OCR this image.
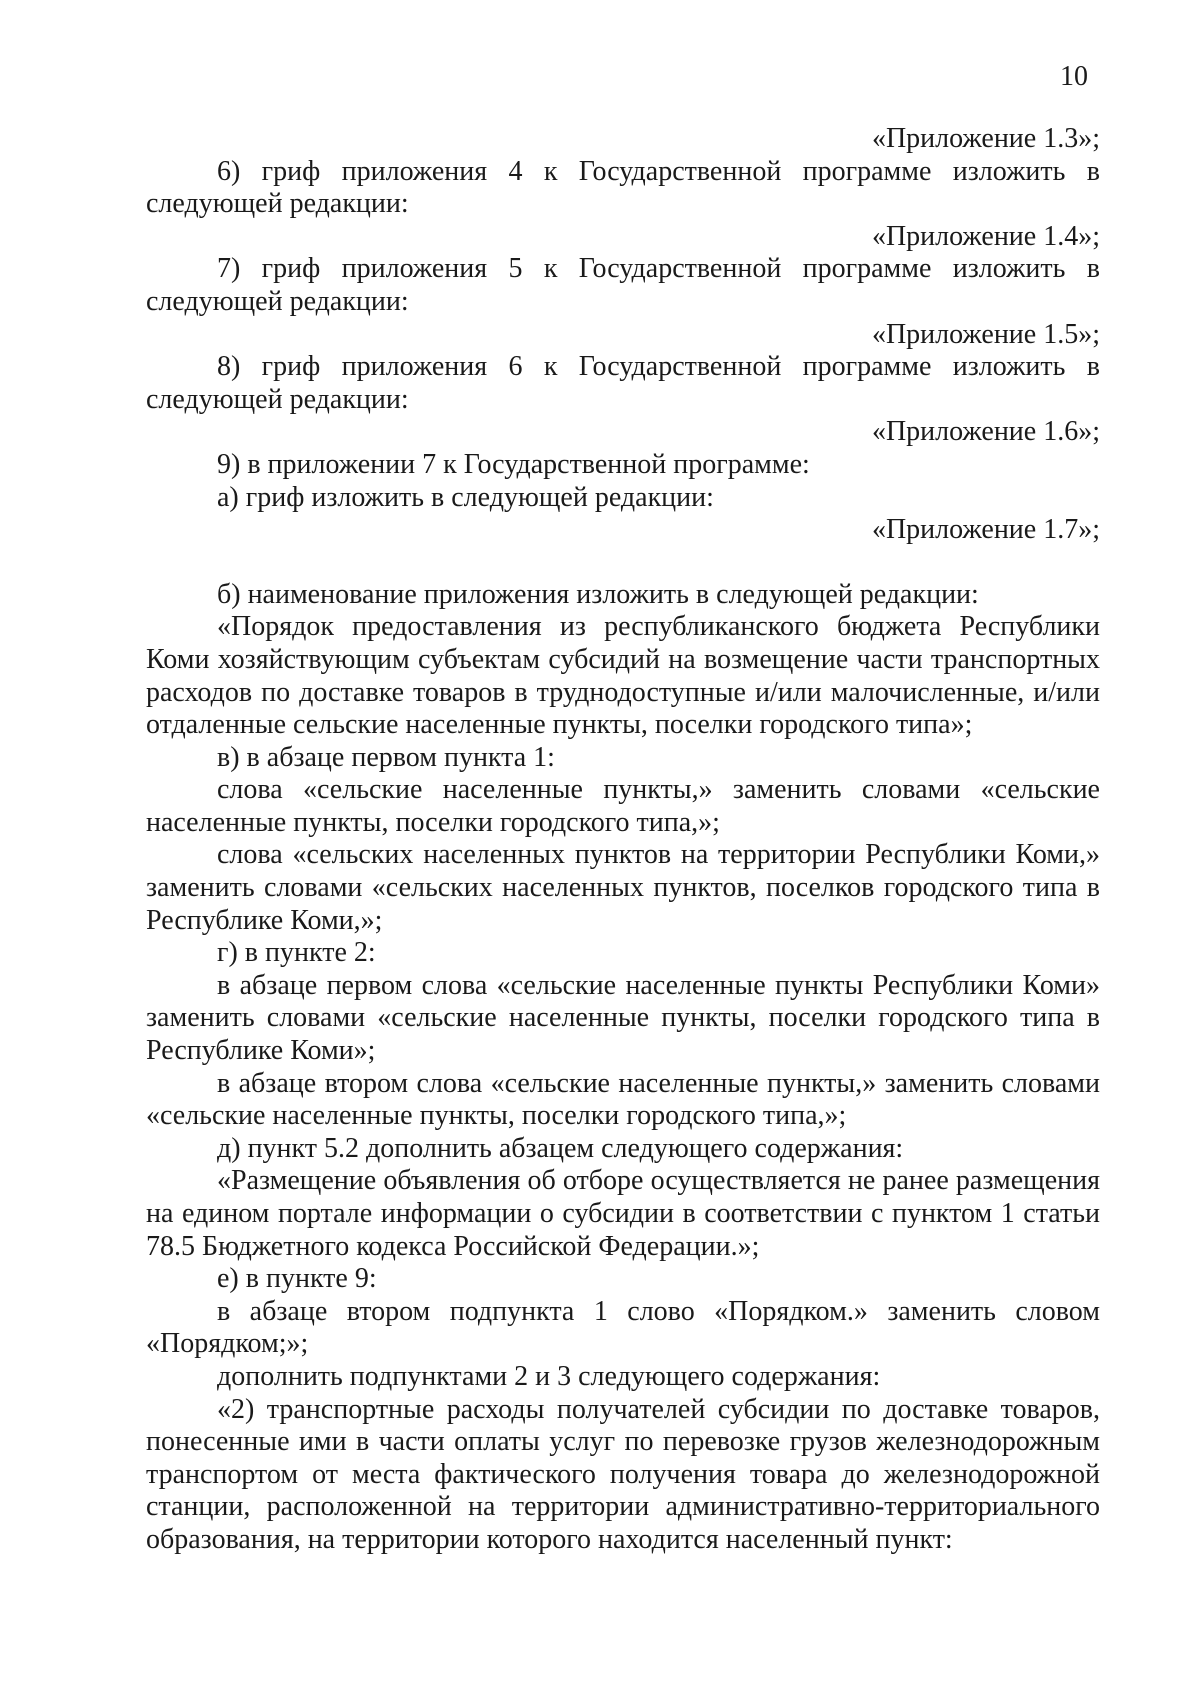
10

«Приложение 1.3»;

6) гриф приложения 4 к Государственной программе изложить в следующей редакции:

«Приложение 1.4»;

7) гриф приложения 5 к Государственной программе изложить в следующей редакции:

«Приложение 1.5»;

8) гриф приложения 6 к Государственной программе изложить в следующей редакции:

«Приложение 1.6»;

9) в приложении 7 к Государственной программе:

а) гриф изложить в следующей редакции:

«Приложение 1.7»;

б) наименование приложения изложить в следующей редакции:

«Порядок предоставления из республиканского бюджета Республики Коми хозяйствующим субъектам субсидий на возмещение части транспортных расходов по доставке товаров в труднодоступные и/или малочисленные, и/или отдаленные сельские населенные пункты, поселки городского типа»;

в) в абзаце первом пункта 1:

слова «сельские населенные пункты,» заменить словами «сельские населенные пункты, поселки городского типа,»;

слова «сельских населенных пунктов на территории Республики Коми,» заменить словами «сельских населенных пунктов, поселков городского типа в Республике Коми,»;

г) в пункте 2:

в абзаце первом слова «сельские населенные пункты Республики Коми» заменить словами «сельские населенные пункты, поселки городского типа в Республике Коми»;

в абзаце втором слова «сельские населенные пункты,» заменить словами «сельские населенные пункты, поселки городского типа,»;

д) пункт 5.2 дополнить абзацем следующего содержания:

«Размещение объявления об отборе осуществляется не ранее размещения на едином портале информации о субсидии в соответствии с пунктом 1 статьи 78.5 Бюджетного кодекса Российской Федерации.»;

е) в пункте 9:

в абзаце втором подпункта 1 слово «Порядком.» заменить словом «Порядком;»;

дополнить подпунктами 2 и 3 следующего содержания:

«2) транспортные расходы получателей субсидии по доставке товаров, понесенные ими в части оплаты услуг по перевозке грузов железнодорожным транспортом от места фактического получения товара до железнодорожной станции, расположенной на территории административно-территориального образования, на территории которого находится населенный пункт:
